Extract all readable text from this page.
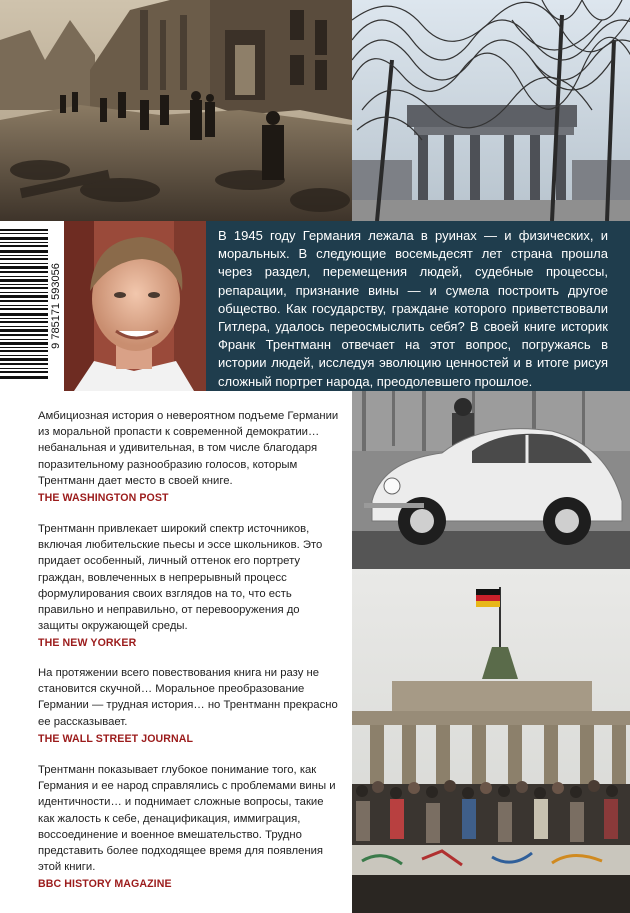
9 785171 593056

В 1945 году Германия лежала в руинах — и физических, и моральных. В следующие восемьдесят лет страна прошла через раздел, перемещения людей, судебные процессы, репарации, признание вины — и сумела построить другое общество. Как государству, граждане которого приветствовали Гитлера, удалось переосмыслить себя? В своей книге историк Франк Трентманн отвечает на этот вопрос, погружаясь в истории людей, исследуя эволюцию ценностей и в итоге рисуя сложный портрет народа, преодолевшего прошлое.

Амбициозная история о невероятном подъеме Германии из моральной пропасти к современной демократии… небанальная и удивительная, в том числе благодаря поразительному разнообразию голосов, которым Трентманн дает место в своей книге.

THE WASHINGTON POST

Трентманн привлекает широкий спектр источников, включая любительские пьесы и эссе школьников. Это придает особенный, личный оттенок его портрету граждан, вовлеченных в непрерывный процесс формулирования своих взглядов на то, что есть правильно и неправильно, от перевооружения до защиты окружающей среды.

THE NEW YORKER

На протяжении всего повествования книга ни разу не становится скучной… Моральное преобразование Германии — трудная история… но Трентманн прекрасно ее рассказывает.

THE WALL STREET JOURNAL

Трентманн показывает глубокое понимание того, как Германия и ее народ справлялись с проблемами вины и идентичности… и поднимает сложные вопросы, такие как жалость к себе, денацификация, иммиграция, воссоединение и военное вмешательство. Трудно представить более подходящее время для появления этой книги.

BBC HISTORY MAGAZINE
